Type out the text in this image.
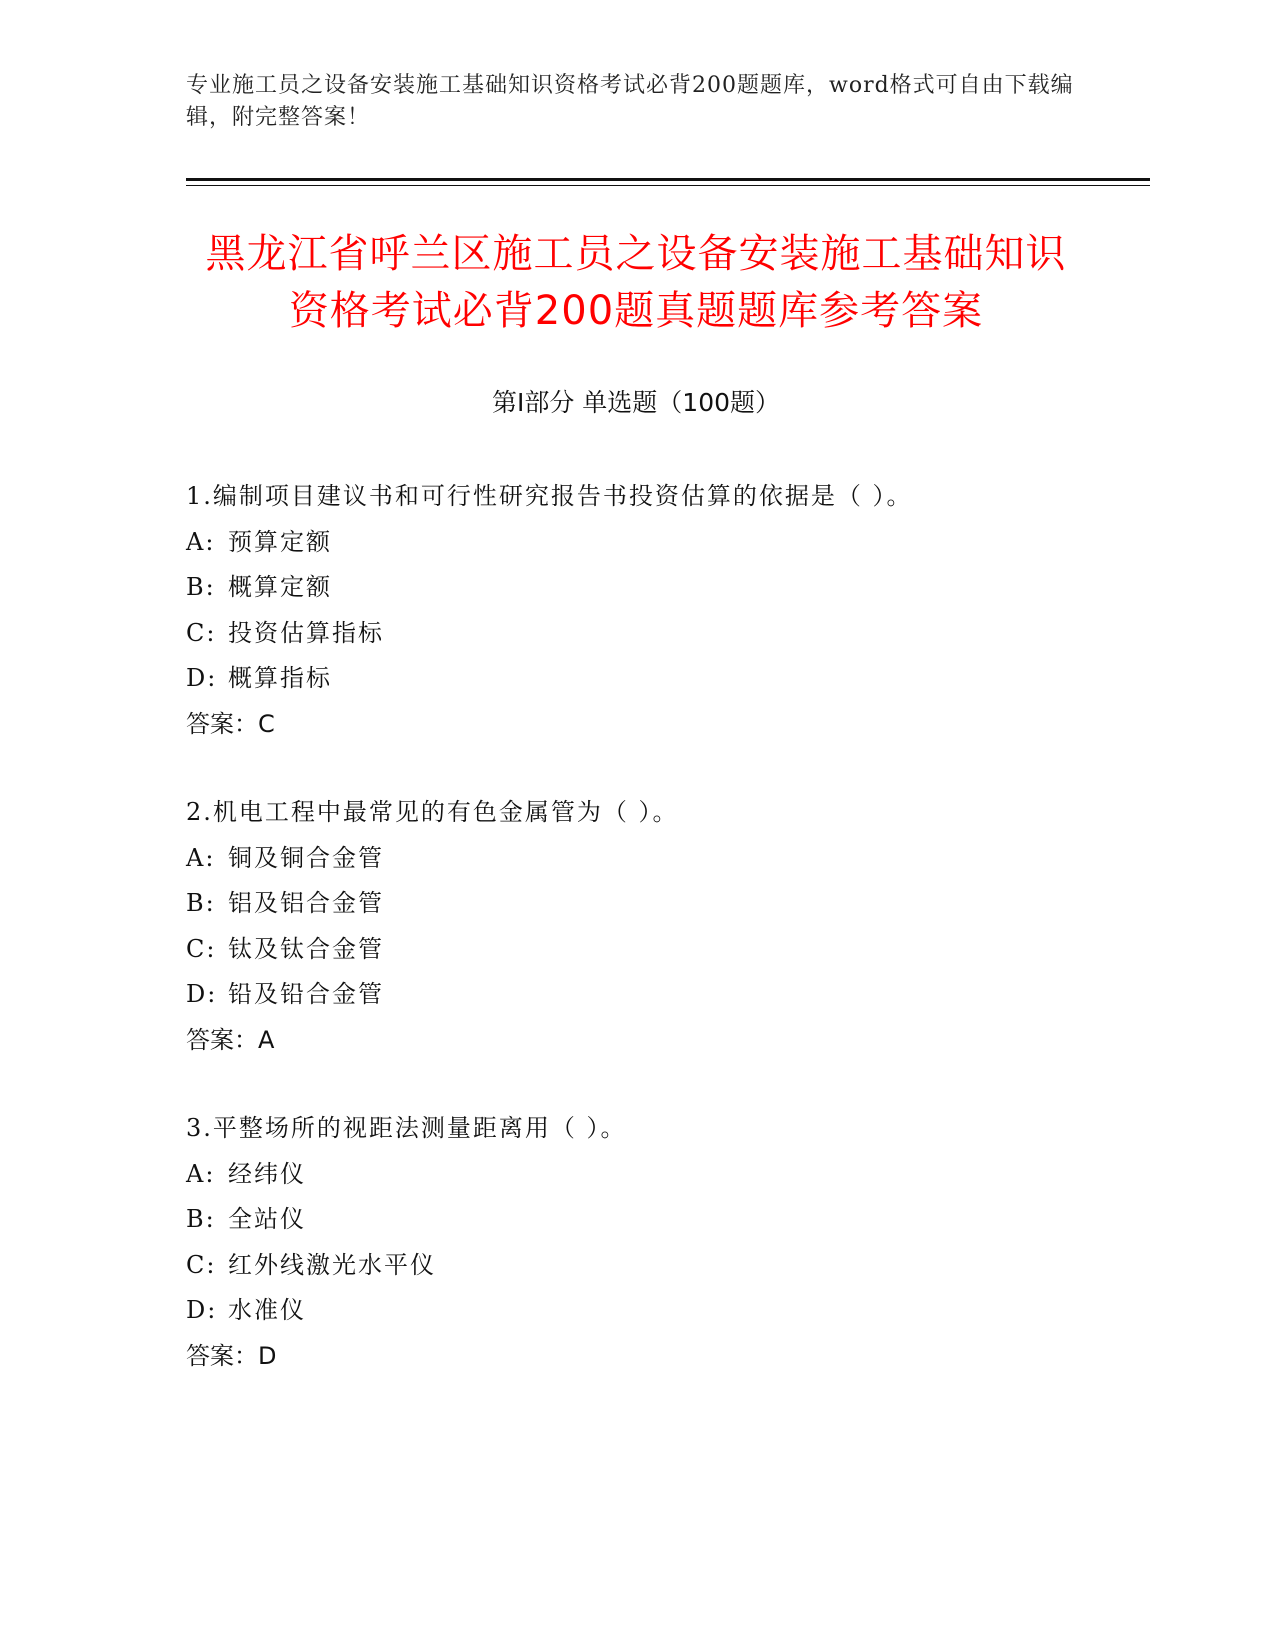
专业施工员之设备安装施工基础知识资格考试必背200题题库，word格式可自由下载编辑，附完整答案！
黑龙江省呼兰区施工员之设备安装施工基础知识资格考试必背200题真题题库参考答案
第Ⅰ部分 单选题（100题）
1.编制项目建议书和可行性研究报告书投资估算的依据是（ ）。
A: 预算定额
B: 概算定额
C: 投资估算指标
D: 概算指标
答案：C
2.机电工程中最常见的有色金属管为（ ）。
A: 铜及铜合金管
B: 铝及铝合金管
C: 钛及钛合金管
D: 铅及铅合金管
答案：A
3.平整场所的视距法测量距离用（ ）。
A: 经纬仪
B: 全站仪
C: 红外线激光水平仪
D: 水准仪
答案：D
